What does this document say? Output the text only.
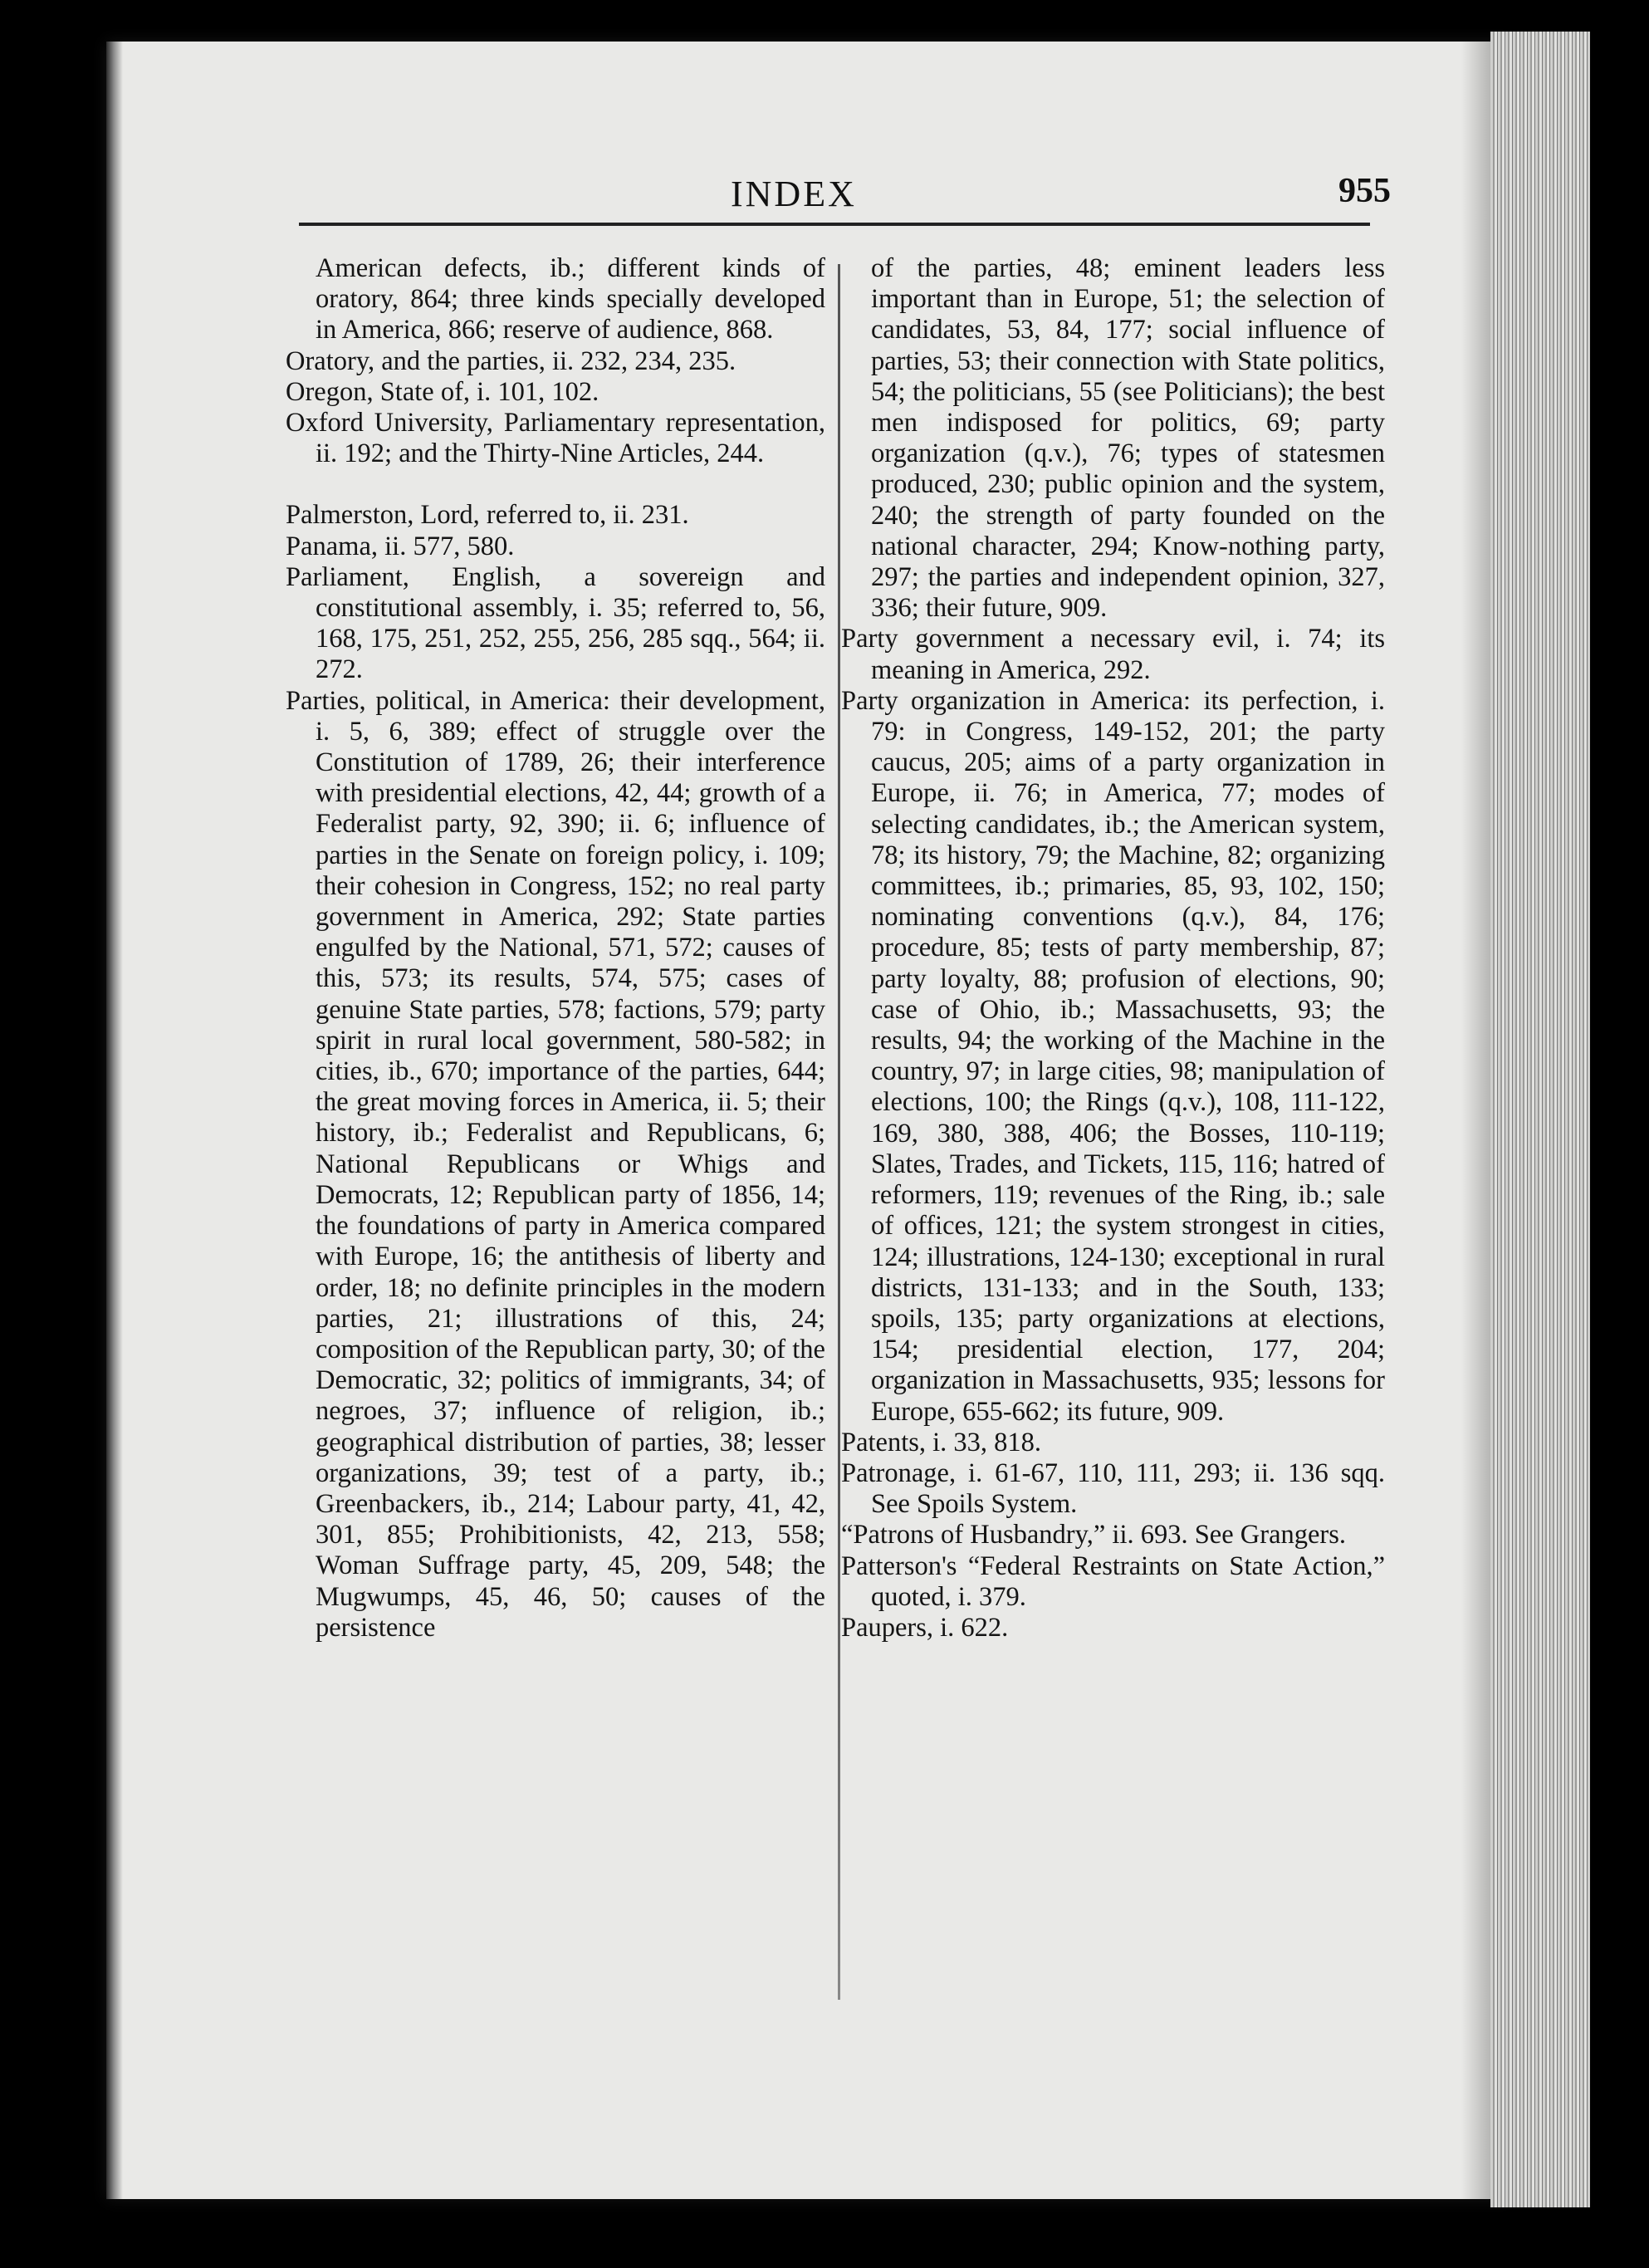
INDEX	955
American defects, ib.; different kinds of oratory, 864; three kinds specially developed in America, 866; reserve of audience, 868.
Oratory, and the parties, ii. 232, 234, 235.
Oregon, State of, i. 101, 102.
Oxford University, Parliamentary representation, ii. 192; and the Thirty-Nine Articles, 244.
Palmerston, Lord, referred to, ii. 231.
Panama, ii. 577, 580.
Parliament, English, a sovereign and constitutional assembly, i. 35; referred to, 56, 168, 175, 251, 252, 255, 256, 285 sqq., 564; ii. 272.
Parties, political, in America: their development, i. 5, 6, 389; effect of struggle over the Constitution of 1789, 26; their interference with presidential elections, 42, 44; growth of a Federalist party, 92, 390; ii. 6; influence of parties in the Senate on foreign policy, i. 109; their cohesion in Congress, 152; no real party government in America, 292; State parties engulfed by the National, 571, 572; causes of this, 573; its results, 574, 575; cases of genuine State parties, 578; factions, 579; party spirit in rural local government, 580-582; in cities, ib., 670; importance of the parties, 644; the great moving forces in America, ii. 5; their history, ib.; Federalist and Republicans, 6; National Republicans or Whigs and Democrats, 12; Republican party of 1856, 14; the foundations of party in America compared with Europe, 16; the antithesis of liberty and order, 18; no definite principles in the modern parties, 21; illustrations of this, 24; composition of the Republican party, 30; of the Democratic, 32; politics of immigrants, 34; of negroes, 37; influence of religion, ib.; geographical distribution of parties, 38; lesser organizations, 39; test of a party, ib.; Greenbackers, ib., 214; Labour party, 41, 42, 301, 855; Prohibitionists, 42, 213, 558; Woman Suffrage party, 45, 209, 548; the Mugwumps, 45, 46, 50; causes of the persistence
of the parties, 48; eminent leaders less important than in Europe, 51; the selection of candidates, 53, 84, 177; social influence of parties, 53; their connection with State politics, 54; the politicians, 55 (see Politicians); the best men indisposed for politics, 69; party organization (q.v.), 76; types of statesmen produced, 230; public opinion and the system, 240; the strength of party founded on the national character, 294; Know-nothing party, 297; the parties and independent opinion, 327, 336; their future, 909.
Party government a necessary evil, i. 74; its meaning in America, 292.
Party organization in America: its perfection, i. 79: in Congress, 149-152, 201; the party caucus, 205; aims of a party organization in Europe, ii. 76; in America, 77; modes of selecting candidates, ib.; the American system, 78; its history, 79; the Machine, 82; organizing committees, ib.; primaries, 85, 93, 102, 150; nominating conventions (q.v.), 84, 176; procedure, 85; tests of party membership, 87; party loyalty, 88; profusion of elections, 90; case of Ohio, ib.; Massachusetts, 93; the results, 94; the working of the Machine in the country, 97; in large cities, 98; manipulation of elections, 100; the Rings (q.v.), 108, 111-122, 169, 380, 388, 406; the Bosses, 110-119; Slates, Trades, and Tickets, 115, 116; hatred of reformers, 119; revenues of the Ring, ib.; sale of offices, 121; the system strongest in cities, 124; illustrations, 124-130; exceptional in rural districts, 131-133; and in the South, 133; spoils, 135; party organizations at elections, 154; presidential election, 177, 204; organization in Massachusetts, 935; lessons for Europe, 655-662; its future, 909.
Patents, i. 33, 818.
Patronage, i. 61-67, 110, 111, 293; ii. 136 sqq. See Spoils System.
“Patrons of Husbandry,” ii. 693. See Grangers.
Patterson's “Federal Restraints on State Action,” quoted, i. 379.
Paupers, i. 622.
